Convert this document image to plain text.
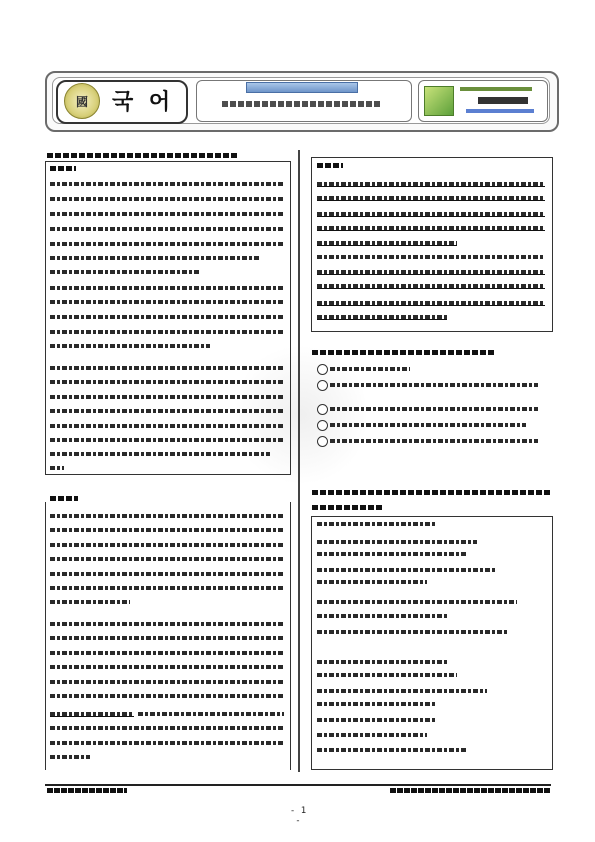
國	국 어
- 1 -
